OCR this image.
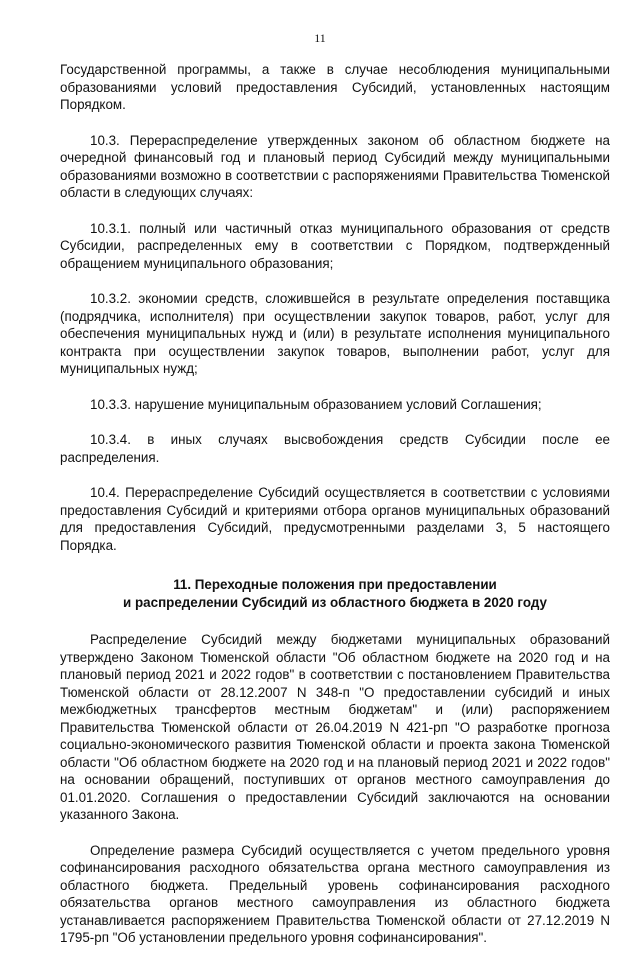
11

Государственной программы, а также в случае несоблюдения муниципальными образованиями условий предоставления Субсидий, установленных настоящим Порядком.

10.3. Перераспределение утвержденных законом об областном бюджете на очередной финансовый год и плановый период Субсидий между муниципальными образованиями возможно в соответствии с распоряжениями Правительства Тюменской области в следующих случаях:

10.3.1. полный или частичный отказ муниципального образования от средств Субсидии, распределенных ему в соответствии с Порядком, подтвержденный обращением муниципального образования;

10.3.2. экономии средств, сложившейся в результате определения поставщика (подрядчика, исполнителя) при осуществлении закупок товаров, работ, услуг для обеспечения муниципальных нужд и (или) в результате исполнения муниципального контракта при осуществлении закупок товаров, выполнении работ, услуг для муниципальных нужд;

10.3.3. нарушение муниципальным образованием условий Соглашения;

10.3.4. в иных случаях высвобождения средств Субсидии после ее распределения.

10.4. Перераспределение Субсидий осуществляется в соответствии с условиями предоставления Субсидий и критериями отбора органов муниципальных образований для предоставления Субсидий, предусмотренными разделами 3, 5 настоящего Порядка.

11. Переходные положения при предоставлении
и распределении Субсидий из областного бюджета в 2020 году

Распределение Субсидий между бюджетами муниципальных образований утверждено Законом Тюменской области "Об областном бюджете на 2020 год и на плановый период 2021 и 2022 годов" в соответствии с постановлением Правительства Тюменской области от 28.12.2007 N 348-п "О предоставлении субсидий и иных межбюджетных трансфертов местным бюджетам" и (или) распоряжением Правительства Тюменской области от 26.04.2019 N 421-рп "О разработке прогноза социально-экономического развития Тюменской области и проекта закона Тюменской области "Об областном бюджете на 2020 год и на плановый период 2021 и 2022 годов" на основании обращений, поступивших от органов местного самоуправления до 01.01.2020. Соглашения о предоставлении Субсидий заключаются на основании указанного Закона.

Определение размера Субсидий осуществляется с учетом предельного уровня софинансирования расходного обязательства органа местного самоуправления из областного бюджета. Предельный уровень софинансирования расходного обязательства органов местного самоуправления из областного бюджета устанавливается распоряжением Правительства Тюменской области от 27.12.2019 N 1795-рп "Об установлении предельного уровня софинансирования".
